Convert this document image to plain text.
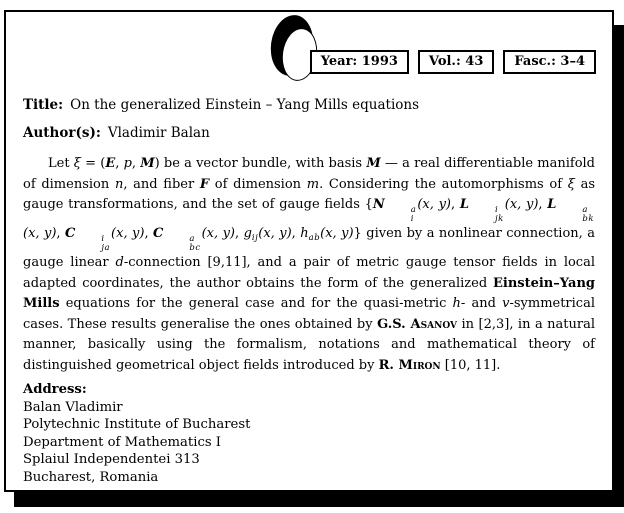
Year: 1993	Vol.: 43	Fasc.: 3–4
Title: On the generalized Einstein – Yang Mills equations
Author(s): Vladimir Balan

Let ξ = (E, p, M) be a vector bundle, with basis M — a real differentiable manifold of dimension n, and fiber F of dimension m. Considering the automorphisms of ξ as gauge transformations, and the set of gauge fields {N	a
i
(x, y), L	i
jk
(x, y), L	a
bk
(x, y), C	i
ja
(x, y), C	a
bc
(x, y), $g_{ij}(x$, y), $h_{ab}(x$, y)} given by a nonlinear connection, a gauge linear d-connection [9,11], and a pair of metric gauge tensor fields in local adapted coordinates, the author obtains the form of the generalized Einstein–Yang Mills equations for the general case and for the quasi-metric h- and v-symmetrical cases. These results generalise the ones obtained by G.S. Asanov in [2,3], in a natural manner, basically using the formalism, notations and mathematical theory of distinguished geometrical object fields introduced by R. Miron [10, 11].

Address:
Balan Vladimir
Polytechnic Institute of Bucharest
Department of Mathematics I
Splaiul Independentei 313
Bucharest, Romania
